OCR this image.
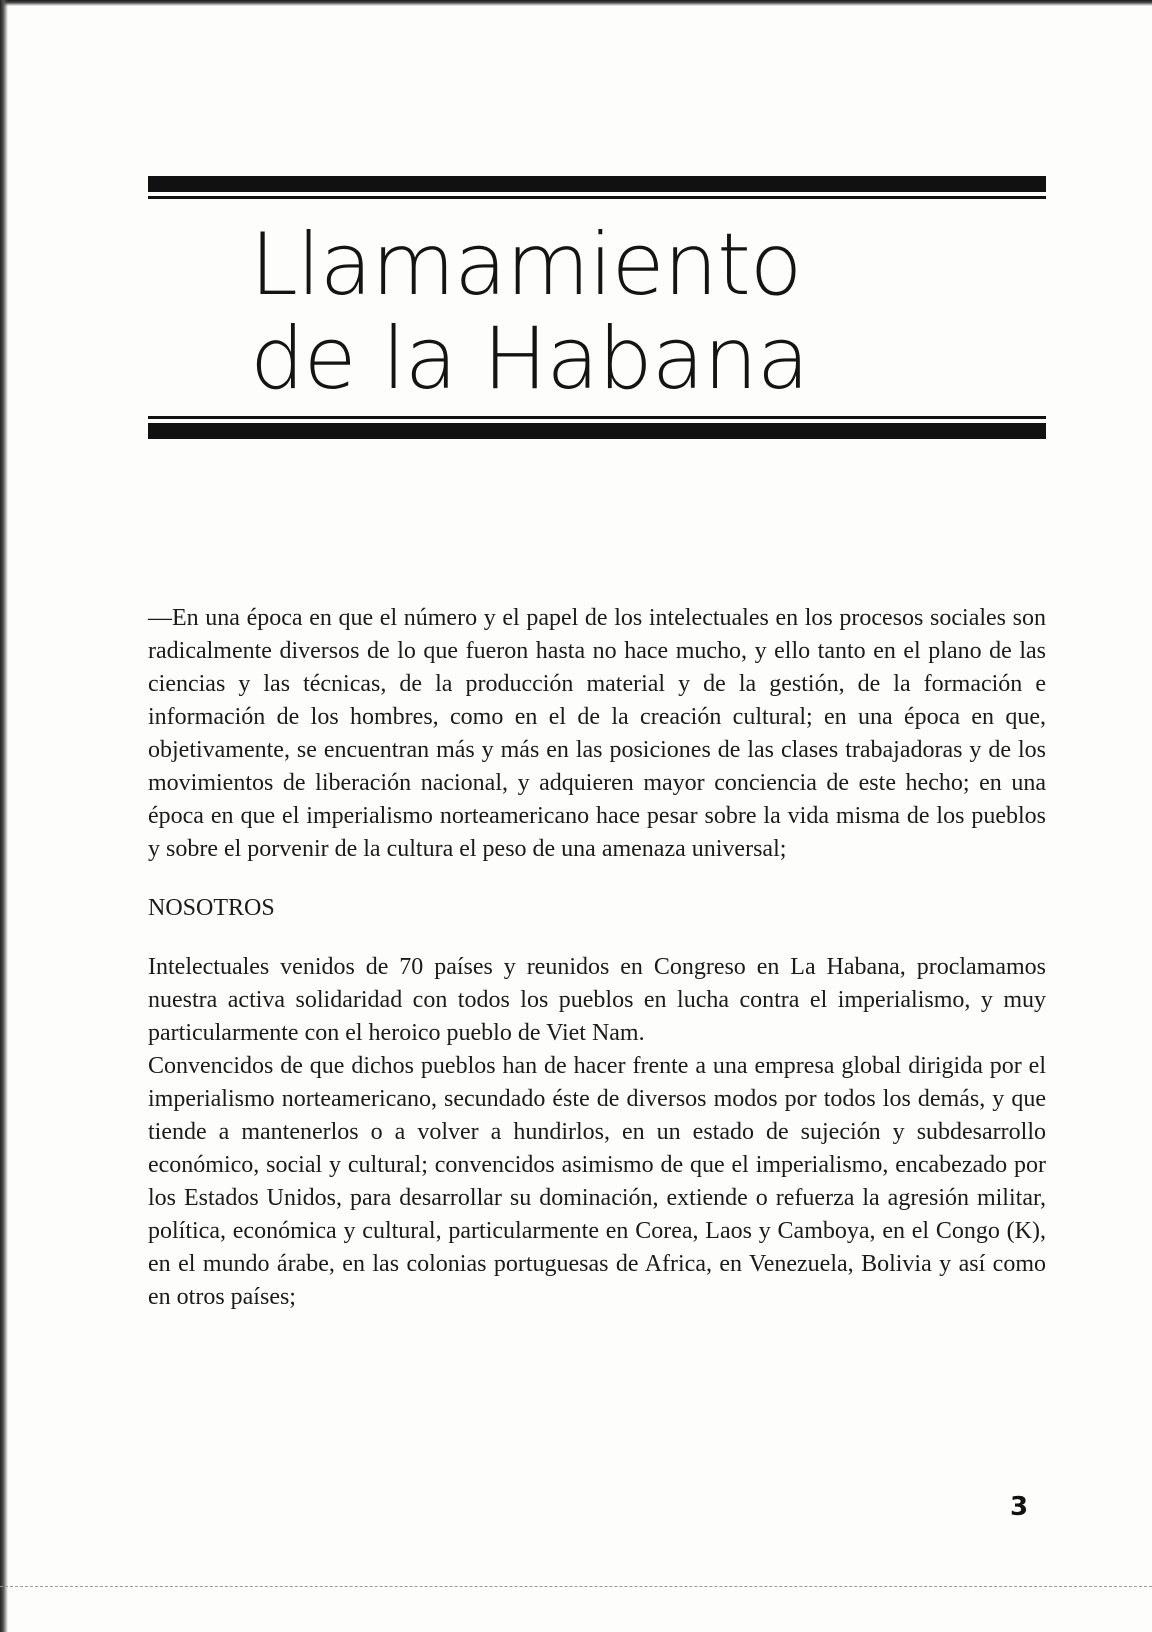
Llamamiento
de la Habana

—En una época en que el número y el papel de los intelectuales en los procesos sociales son radicalmente diversos de lo que fueron hasta no hace mucho, y ello tanto en el plano de las ciencias y las técnicas, de la producción material y de la gestión, de la formación e información de los hombres, como en el de la creación cultural; en una época en que, objetivamente, se encuentran más y más en las posiciones de las clases trabajadoras y de los movimientos de liberación nacional, y adquieren mayor conciencia de este hecho; en una época en que el imperialismo norteamericano hace pesar sobre la vida misma de los pueblos y sobre el porvenir de la cultura el peso de una amenaza universal;

NOSOTROS

Intelectuales venidos de 70 países y reunidos en Congreso en La Habana, proclamamos nuestra activa solidaridad con todos los pueblos en lucha contra el imperialismo, y muy particularmente con el heroico pueblo de Viet Nam.

Convencidos de que dichos pueblos han de hacer frente a una empresa global dirigida por el imperialismo norteamericano, secundado éste de diversos modos por todos los demás, y que tiende a mantenerlos o a volver a hundirlos, en un estado de sujeción y subdesarrollo económico, social y cultural; convencidos asimismo de que el imperialismo, encabezado por los Estados Unidos, para desarrollar su dominación, extiende o refuerza la agresión militar, política, económica y cultural, particularmente en Corea, Laos y Camboya, en el Congo (K), en el mundo árabe, en las colonias portuguesas de Africa, en Venezuela, Bolivia y así como en otros países;

3
